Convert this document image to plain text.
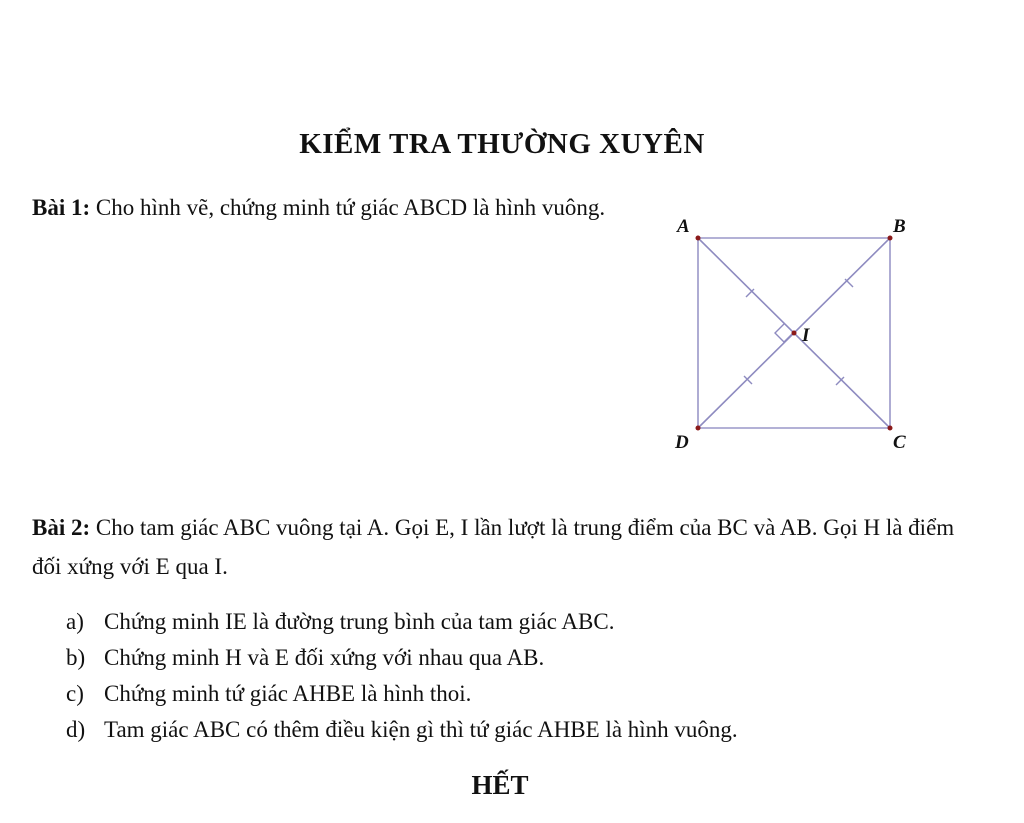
KIỂM TRA THƯỜNG XUYÊN

Bài 1: Cho hình vẽ, chứng minh tứ giác ABCD là hình vuông.

A	B
C
D
I

Bài 2: Cho tam giác ABC vuông tại A. Gọi E, I lần lượt là trung điểm của BC và AB. Gọi H là điểm đối xứng với E qua I.

a) Chứng minh IE là đường trung bình của tam giác ABC.
b) Chứng minh H và E đối xứng với nhau qua AB.
c) Chứng minh tứ giác AHBE là hình thoi.
d) Tam giác ABC có thêm điều kiện gì thì tứ giác AHBE là hình vuông.

HẾT
